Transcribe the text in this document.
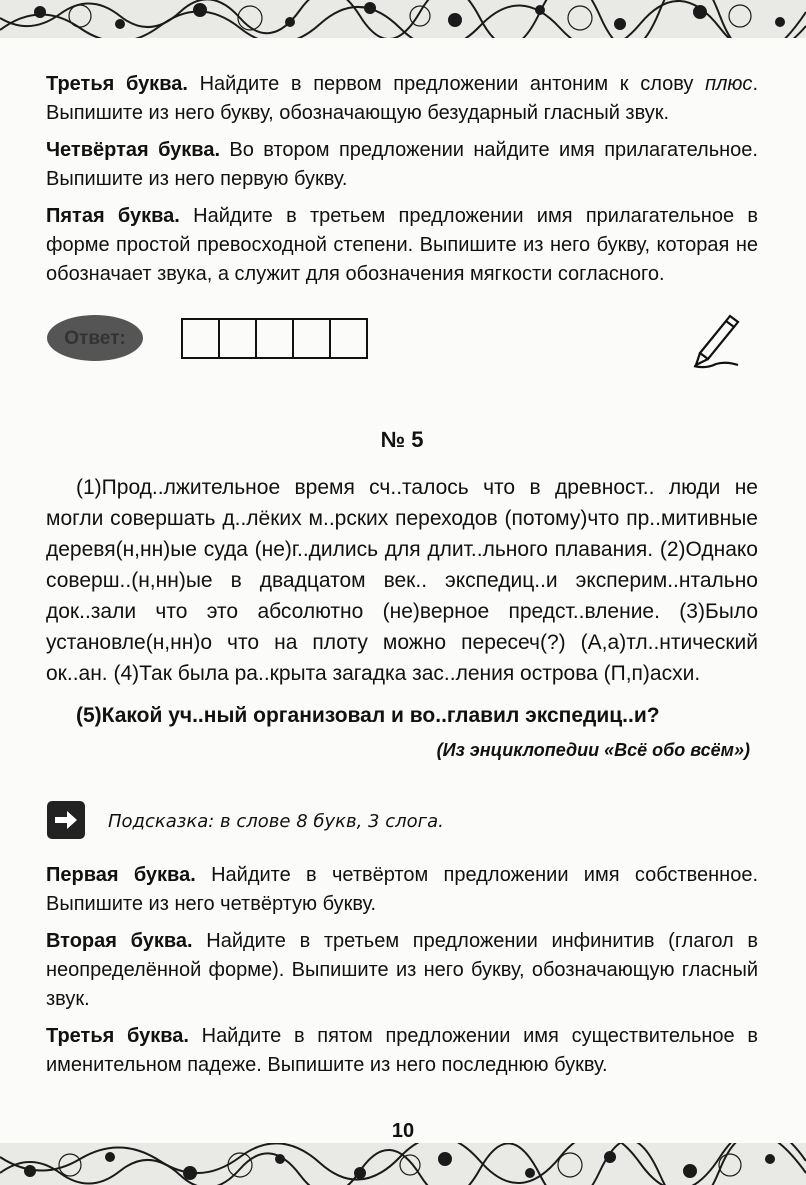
Третья буква. Найдите в первом предложении антоним к слову плюс. Выпишите из него букву, обозначающую безударный гласный звук.

Четвёртая буква. Во втором предложении найдите имя прилагательное. Выпишите из него первую букву.

Пятая буква. Найдите в третьем предложении имя прилагательное в форме простой превосходной степени. Выпишите из него букву, которая не обозначает звука, а служит для обозначения мягкости согласного.

Ответ:
№ 5

(1)Прод..лжительное время сч..талось что в древност.. люди не могли совершать д..лёких м..рских переходов (потому)что пр..митивные деревя(н,нн)ые суда (не)г..дились для длит..льного плавания. (2)Однако соверш..(н,нн)ые в двадцатом век.. экспедиц..и эксперим..нтально док..зали что это абсолютно (не)верное предст..вление. (3)Было установле(н,нн)о что на плоту можно пересеч(?) (А,а)тл..нтический ок..ан. (4)Так была ра..крыта загадка зас..ления острова (П,п)асхи.

(5)Какой уч..ный организовал и во..главил экспедиц..и?
(Из энциклопедии «Всё обо всём»)
Подсказка: в слове 8 букв, 3 слога.

Первая буква. Найдите в четвёртом предложении имя собственное. Выпишите из него четвёртую букву.

Вторая буква. Найдите в третьем предложении инфинитив (глагол в неопределённой форме). Выпишите из него букву, обозначающую гласный звук.

Третья буква. Найдите в пятом предложении имя существительное в именительном падеже. Выпишите из него последнюю букву.

10
